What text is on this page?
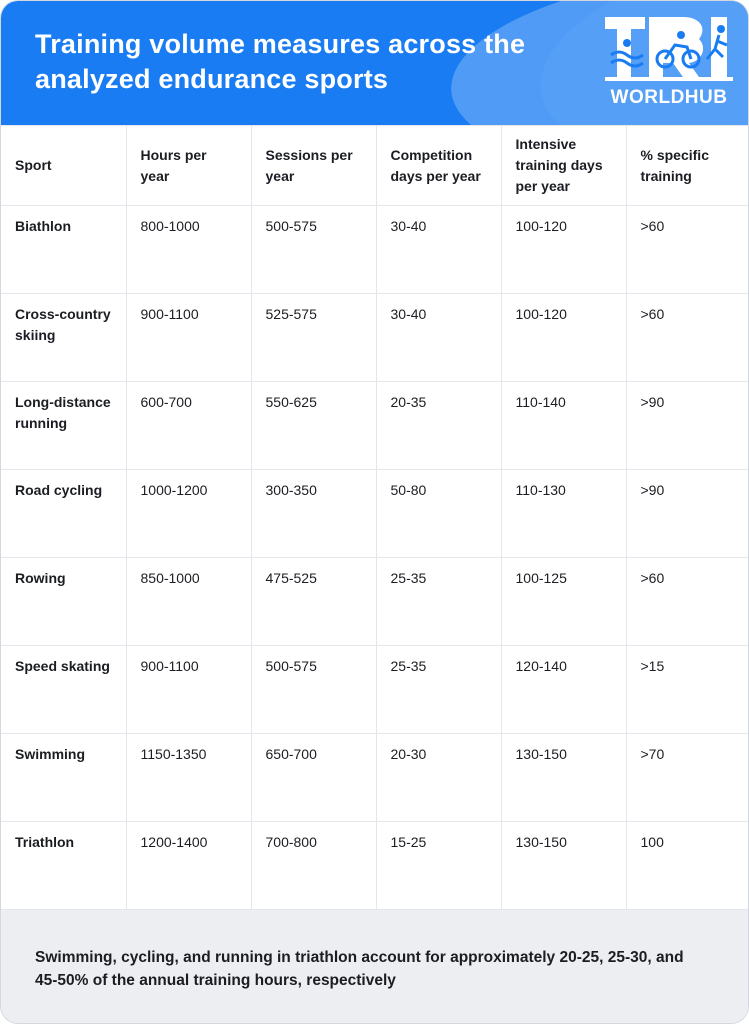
Training volume measures across the analyzed endurance sports
WORLDHUB
Sport	Hours per year	Sessions per year	Competition days per year	Intensive training days per year	% specific training
Biathlon	800-1000	500-575	30-40	100-120	>60
Cross-country skiing	900-1100	525-575	30-40	100-120	>60
Long-distance running	600-700	550-625	20-35	110-140	>90
Road cycling	1000-1200	300-350	50-80	110-130	>90
Rowing	850-1000	475-525	25-35	100-125	>60
Speed skating	900-1100	500-575	25-35	120-140	>15
Swimming	1150-1350	650-700	20-30	130-150	>70
Triathlon	1200-1400	700-800	15-25	130-150	100

Swimming, cycling, and running in triathlon account for approximately 20-25, 25-30, and 45-50% of the annual training hours, respectively
